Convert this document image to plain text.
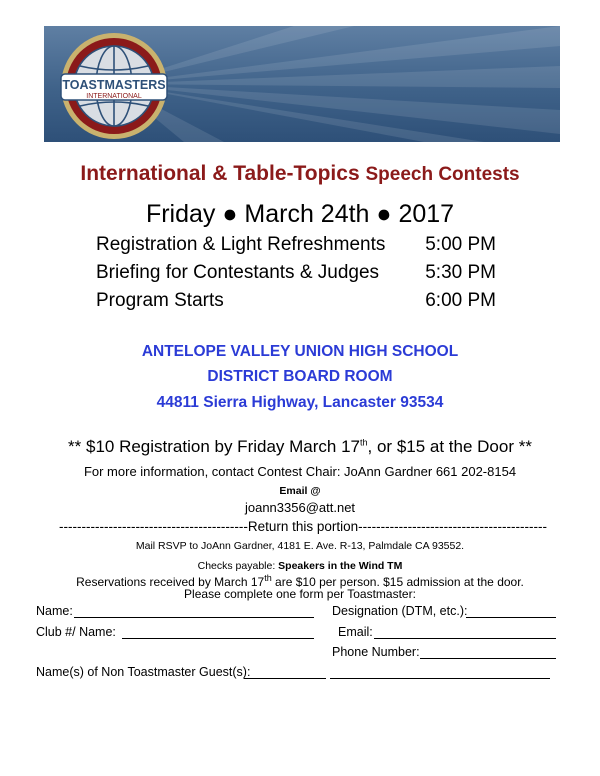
TOASTMASTERS
INTERNATIONAL
International & Table-Topics Speech Contests
Friday ● March 24th ● 2017
Registration & Light Refreshments 5:00 PM
Briefing for Contestants & Judges 5:30 PM
Program Starts	6:00 PM
ANTELOPE VALLEY UNION HIGH SCHOOL
DISTRICT BOARD ROOM
44811 Sierra Highway, Lancaster 93534
** $10 Registration by Friday March 17th, or $15 at the Door **
For more information, contact Contest Chair: JoAnn Gardner 661 202-8154
Email @
joann3356@att.net
------------------------------------------Return this portion------------------------------------------
Mail RSVP to JoAnn Gardner, 4181 E. Ave. R-13, Palmdale CA 93552.
Checks payable: Speakers in the Wind TM
Reservations received by March 17th are $10 per person. $15 admission at the door.
Please complete one form per Toastmaster:
Name:	Designation (DTM, etc.):
Club #/ Name:	Email:
Phone Number:
Name(s) of Non Toastmaster Guest(s):
